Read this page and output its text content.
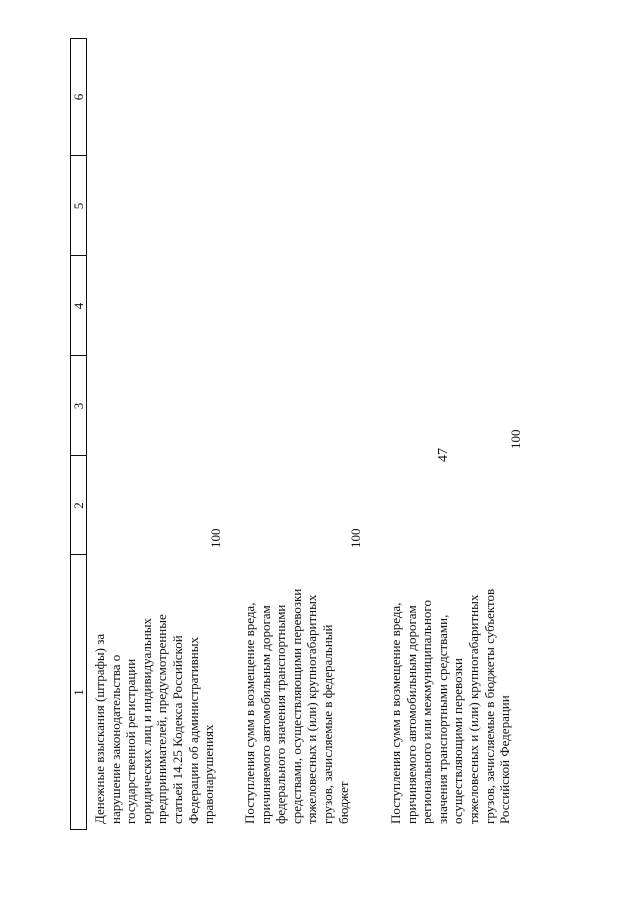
47
1
2
3
4
5
6
Денежные взыскания (штрафы) за нарушение законодательства о государственной регистрации юридических лиц и индивидуальных предпринимателей, предусмотренные статьей 14.25 Кодекса Российской Федерации об административных правонарушениях
100
Поступления сумм в возмещение вреда, причиняемого автомобильным дорогам федерального значения транспортными средствами, осуществляющими перевозки тяжеловесных и (или) крупногабаритных грузов, зачисляемые в федеральный бюджет
100
Поступления сумм в возмещение вреда, причиняемого автомобильным дорогам регионального или межмуниципального значения транспортными средствами, осуществляющими перевозки тяжеловесных и (или) крупногабаритных грузов, зачисляемые в бюджеты субъектов Российской Федерации
100
